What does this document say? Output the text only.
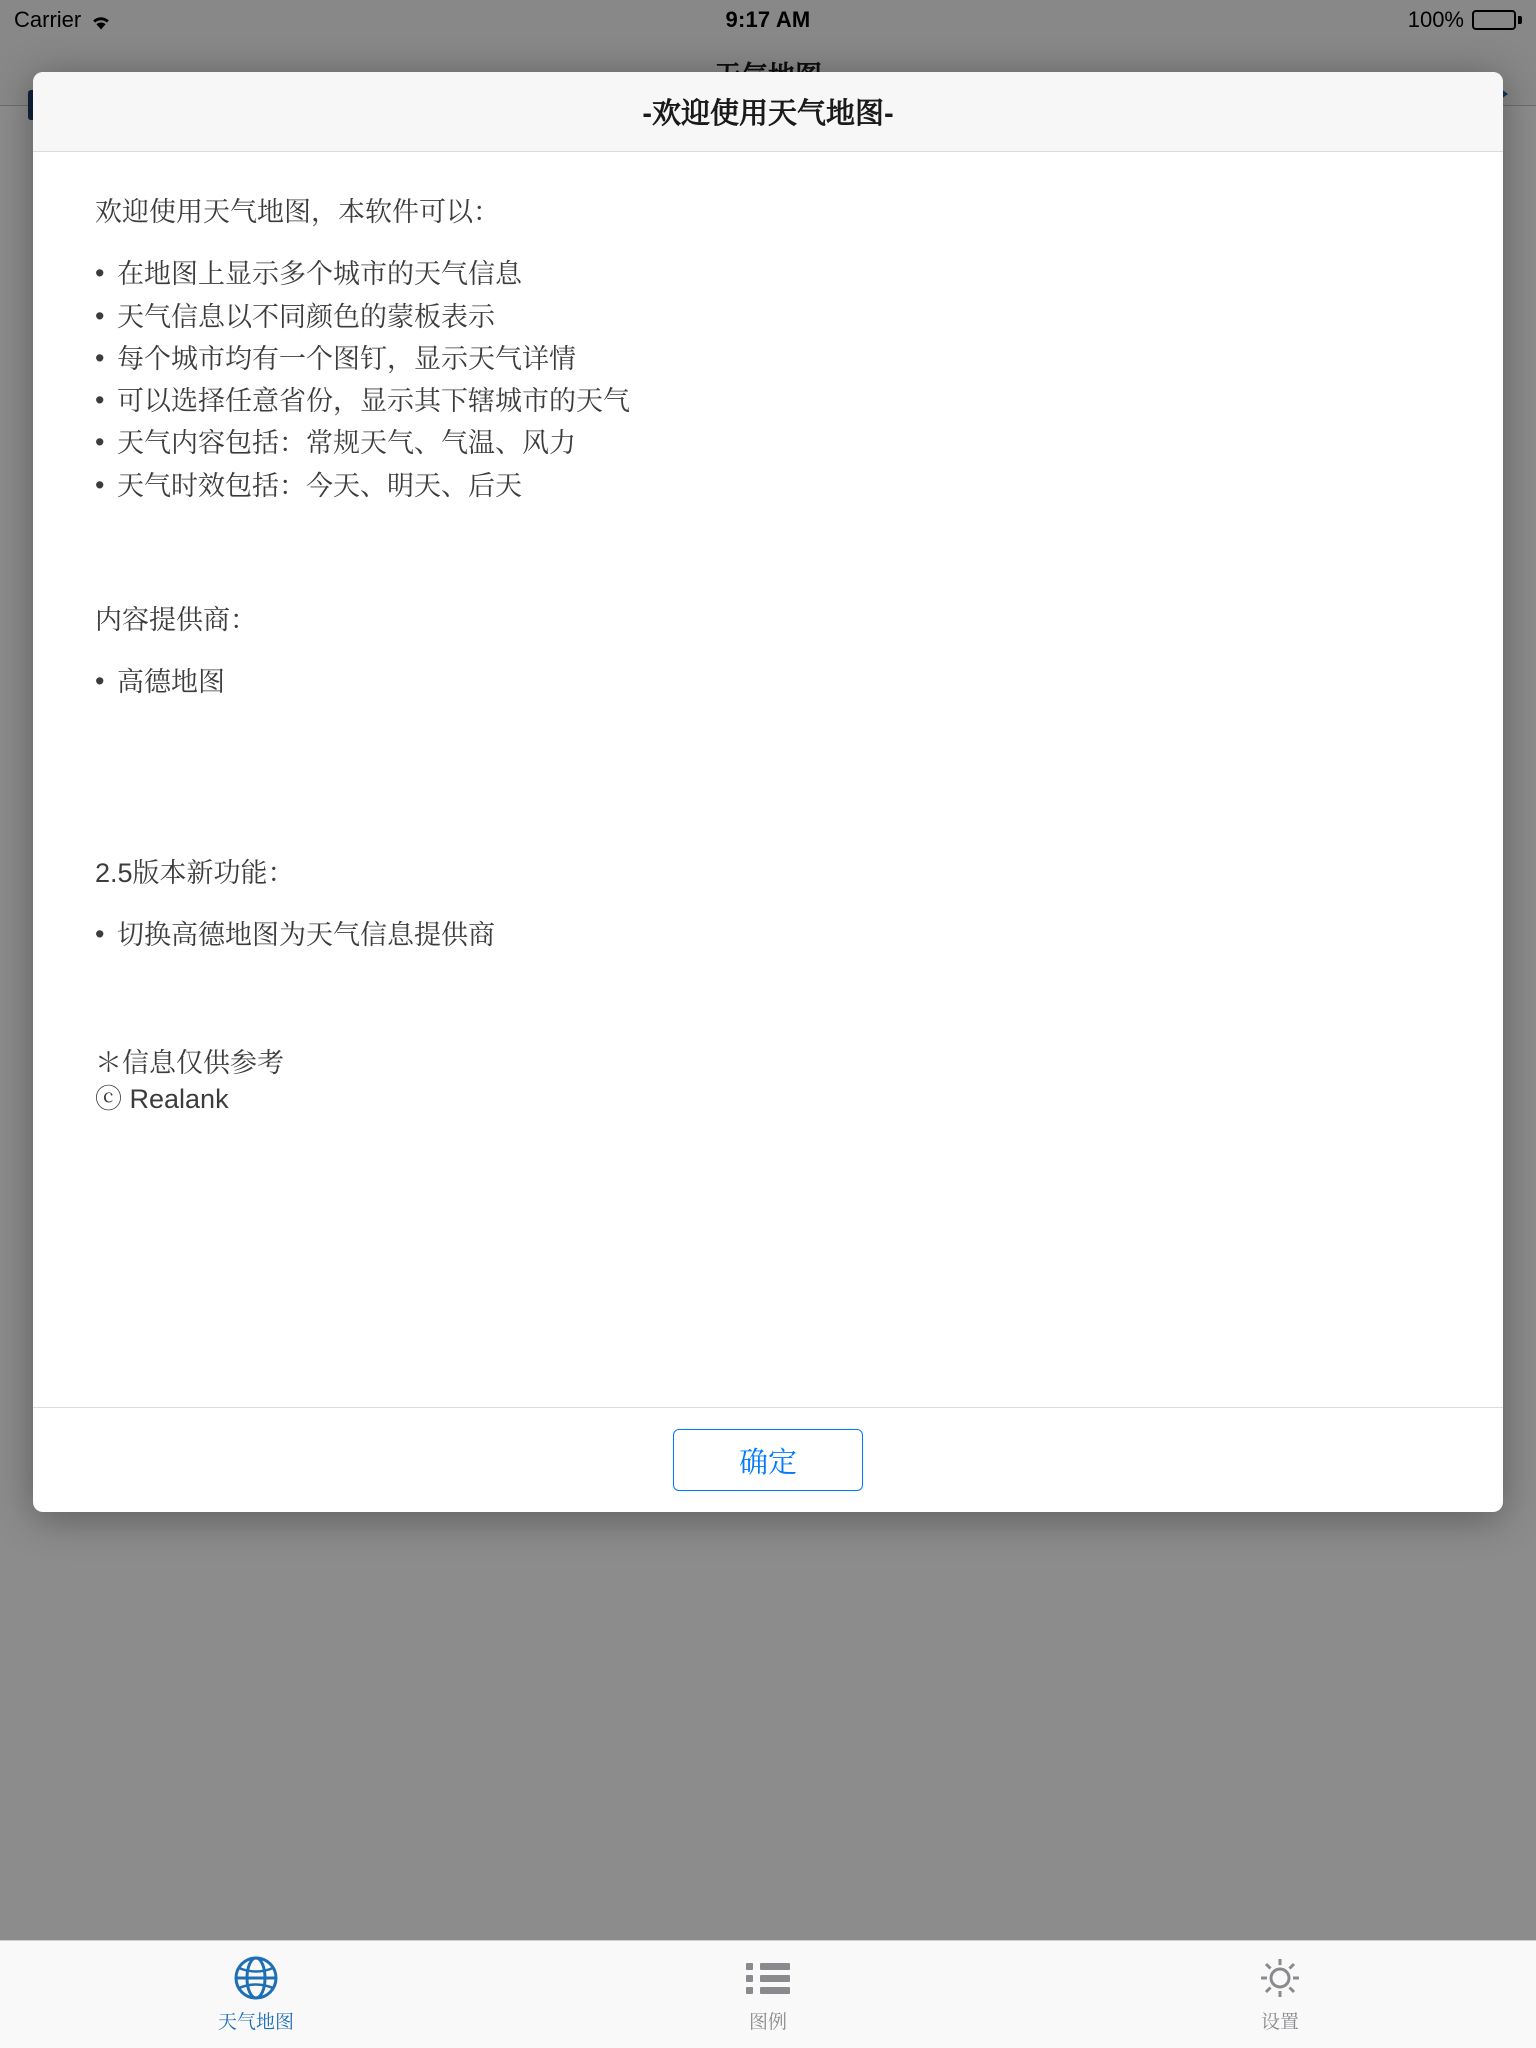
Carrier	9:17 AM	100%
-欢迎使用天气地图-
欢迎使用天气地图，本软件可以：
• 在地图上显示多个城市的天气信息
• 天气信息以不同颜色的蒙板表示
• 每个城市均有一个图钉，显示天气详情
• 可以选择任意省份，显示其下辖城市的天气
• 天气内容包括：常规天气、气温、风力
• 天气时效包括：今天、明天、后天
内容提供商：
• 高德地图
2.5版本新功能：
• 切换高德地图为天气信息提供商
＊信息仅供参考
ⓒ Realank
确定
天气地图	图例	设置
